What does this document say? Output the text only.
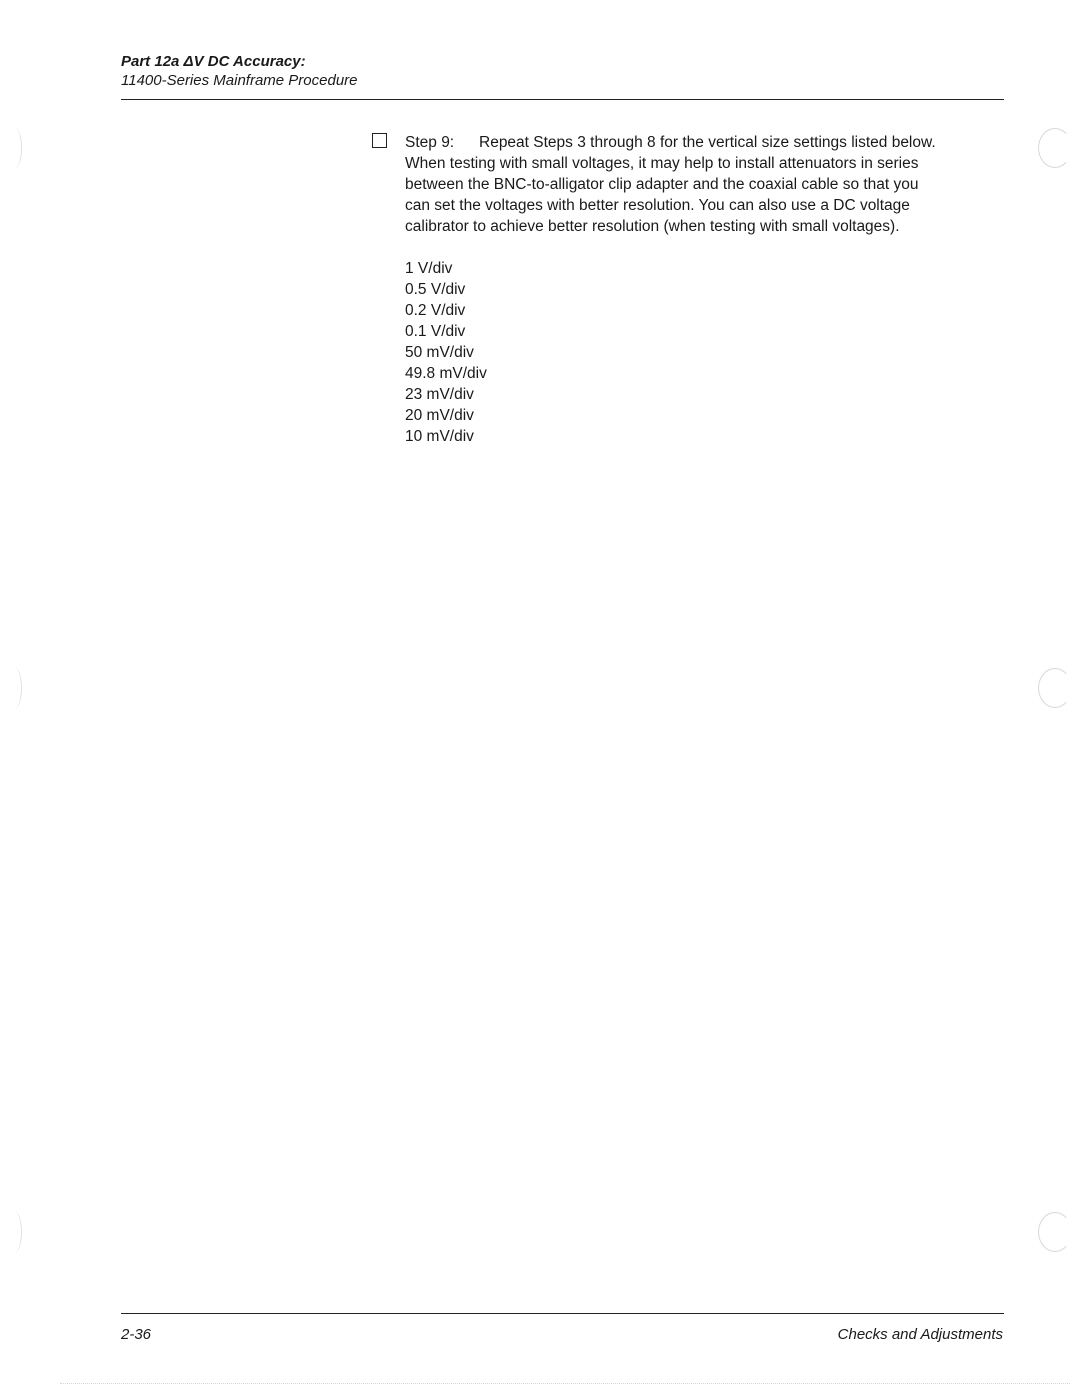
Part 12a ΔV DC Accuracy:
11400-Series Mainframe Procedure
Step 9: Repeat Steps 3 through 8 for the vertical size settings listed below.
When testing with small voltages, it may help to install attenuators in series
between the BNC-to-alligator clip adapter and the coaxial cable so that you
can set the voltages with better resolution. You can also use a DC voltage
calibrator to achieve better resolution (when testing with small voltages).
1 V/div
0.5 V/div
0.2 V/div
0.1 V/div
50 mV/div
49.8 mV/div
23 mV/div
20 mV/div
10 mV/div
2-36	Checks and Adjustments
